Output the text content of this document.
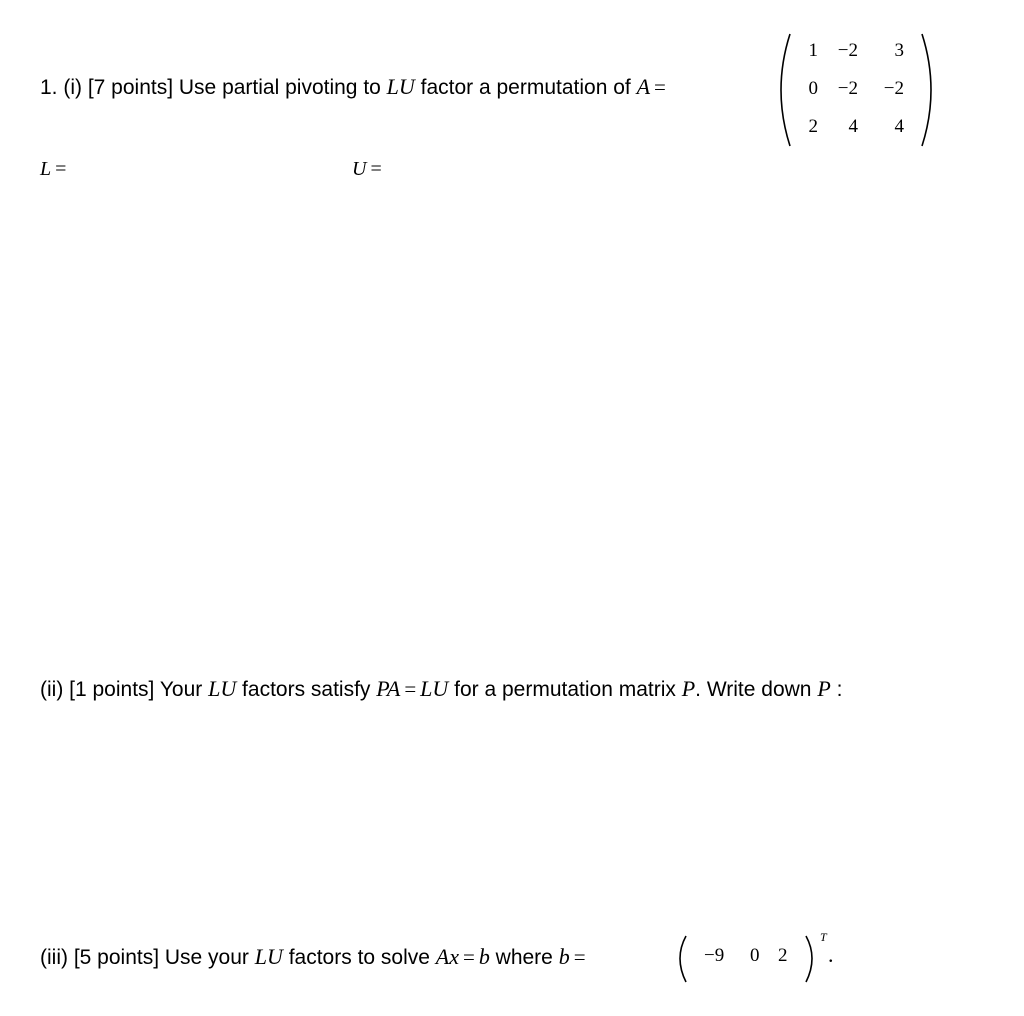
1. (i) [7 points] Use partial pivoting to LU factor a permutation of A =
1	−2	3
0	−2	−2
2	4	4
L =	U =
(ii) [1 points] Your LU factors satisfy PA = LU for a permutation matrix P. Write down P :
(iii) [5 points] Use your LU factors to solve Ax = b where b =	−9 0 2
T
.
